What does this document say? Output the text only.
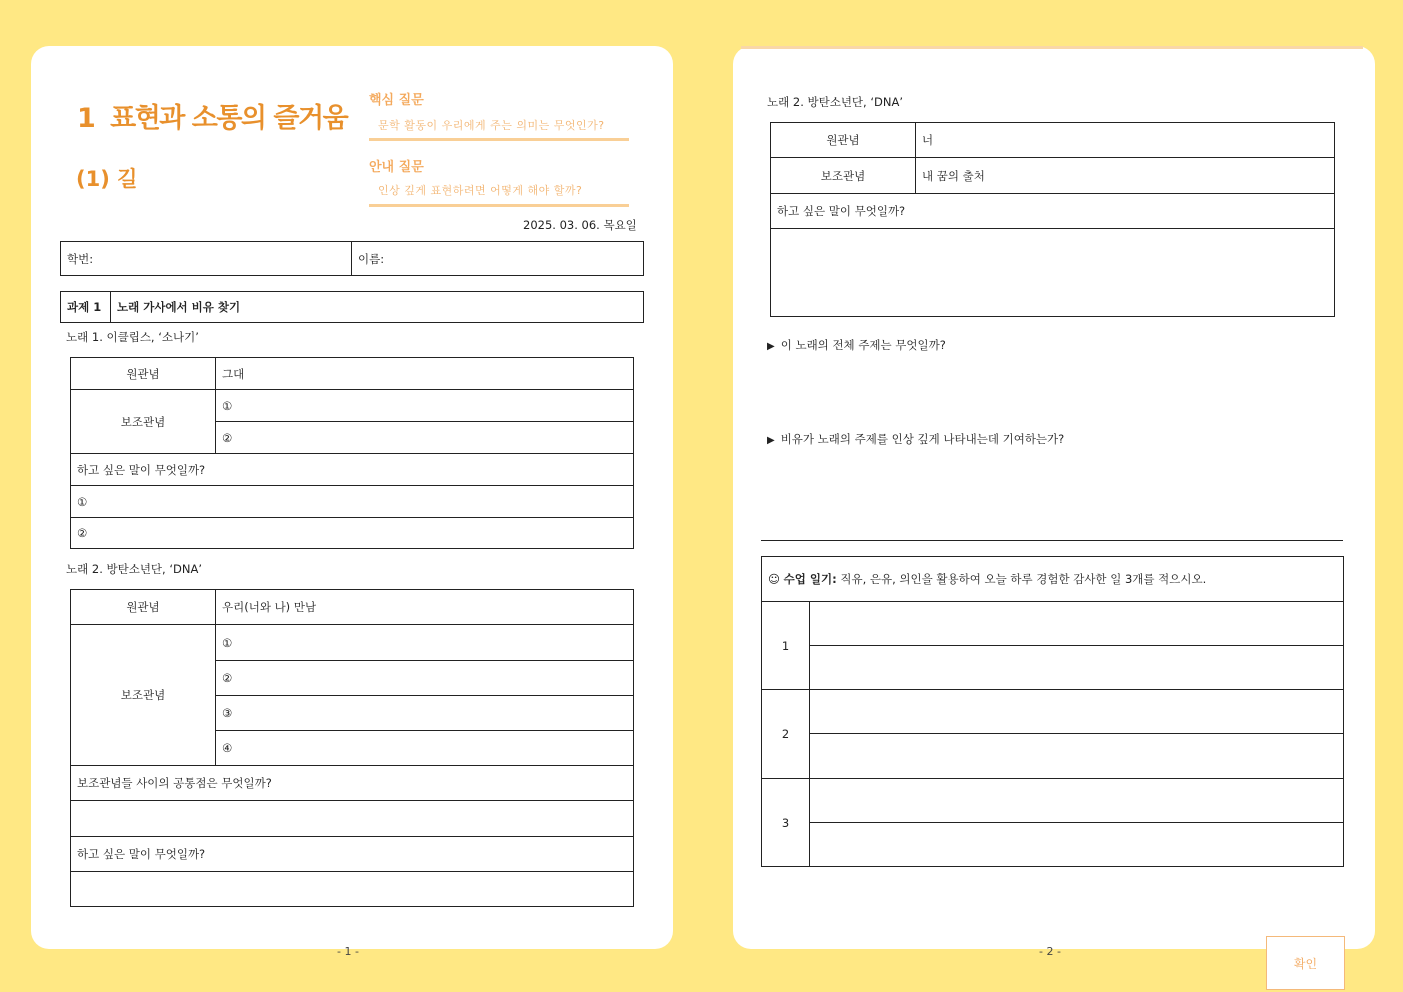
1 표현과 소통의 즐거움
(1) 길
핵심 질문
문학 활동이 우리에게 주는 의미는 무엇인가?
안내 질문
인상 깊게 표현하려면 어떻게 해야 할까?
2025. 03. 06. 목요일
학번:	이름:
과제 1	노래 가사에서 비유 찾기
노래 1. 이클립스, ‘소나기’
원관념	그대
보조관념	①
	②
하고 싶은 말이 무엇일까?	
①	
②	
노래 2. 방탄소년단, ‘DNA’
원관념	우리(너와 나) 만남
보조관념	①
	②
	③
	④
보조관념들 사이의 공통점은 무엇일까?	

하고 싶은 말이 무엇일까?	

- 1 -
노래 2. 방탄소년단, ‘DNA’
원관념	너
보조관념	내 꿈의 출처
하고 싶은 말이 무엇일까?	

▶ 이 노래의 전체 주제는 무엇일까?
▶ 비유가 노래의 주제를 인상 깊게 나타내는데 기여하는가?
☺ 수업 일기: 직유, 은유, 의인을 활용하여 오늘 하루 경험한 감사한 일 3개를 적으시오.	
1	

2	

3	

- 2 -
확인
